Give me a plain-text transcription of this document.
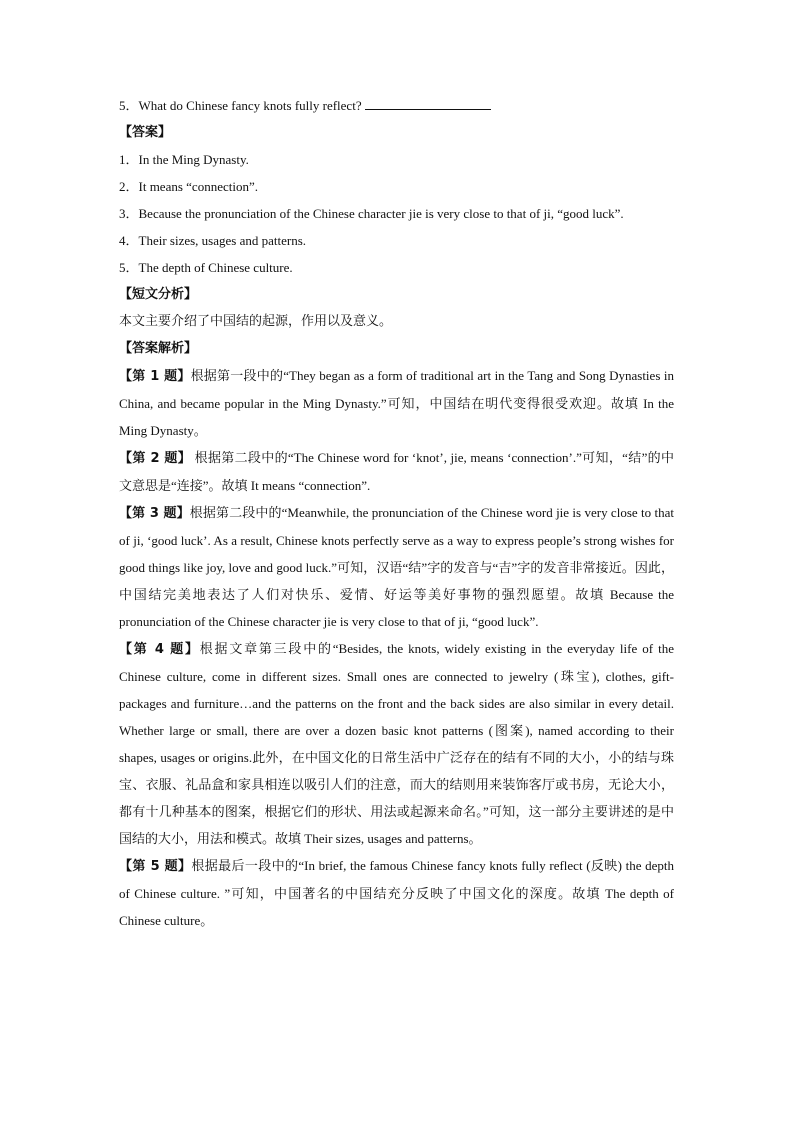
5．What do Chinese fancy knots fully reflect?

【答案】

1．In the Ming Dynasty.

2．It means “connection”.

3．Because the pronunciation of the Chinese character jie is very close to that of ji, “good luck”.

4．Their sizes, usages and patterns.

5．The depth of Chinese culture.

【短文分析】

本文主要介绍了中国结的起源，作用以及意义。

【答案解析】

【第 1 题】根据第一段中的“They began as a form of traditional art in the Tang and Song Dynasties in China, and became popular in the Ming Dynasty.”可知，中国结在明代变得很受欢迎。故填 In the Ming Dynasty。

【第 2 题】 根据第二段中的“The Chinese word for ‘knot’, jie, means ‘connection’.”可知，“结”的中文意思是“连接”。故填 It means “connection”.

【第 3 题】根据第二段中的“Meanwhile, the pronunciation of the Chinese word jie is very close to that of ji, ‘good luck’. As a result, Chinese knots perfectly serve as a way to express people’s strong wishes for good things like joy, love and good luck.”可知，汉语“结”字的发音与“吉”字的发音非常接近。因此，中国结完美地表达了人们对快乐、爱情、好运等美好事物的强烈愿望。故填 Because the pronunciation of the Chinese character jie is very close to that of ji, “good luck”.

【第 4 题】根据文章第三段中的“Besides, the knots, widely existing in the everyday life of the Chinese culture, come in different sizes. Small ones are connected to jewelry (珠宝), clothes, gift-packages and furniture…and the patterns on the front and the back sides are also similar in every detail. Whether large or small, there are over a dozen basic knot patterns (图案), named according to their shapes, usages or origins.此外，在中国文化的日常生活中广泛存在的结有不同的大小，小的结与珠宝、衣服、礼品盒和家具相连以吸引人们的注意，而大的结则用来装饰客厅或书房，无论大小，都有十几种基本的图案，根据它们的形状、用法或起源来命名。”可知，这一部分主要讲述的是中国结的大小，用法和模式。故填 Their sizes, usages and patterns。

【第 5 题】根据最后一段中的“In brief, the famous Chinese fancy knots fully reflect (反映) the depth of Chinese culture. ”可知，中国著名的中国结充分反映了中国文化的深度。故填 The depth of Chinese culture。
